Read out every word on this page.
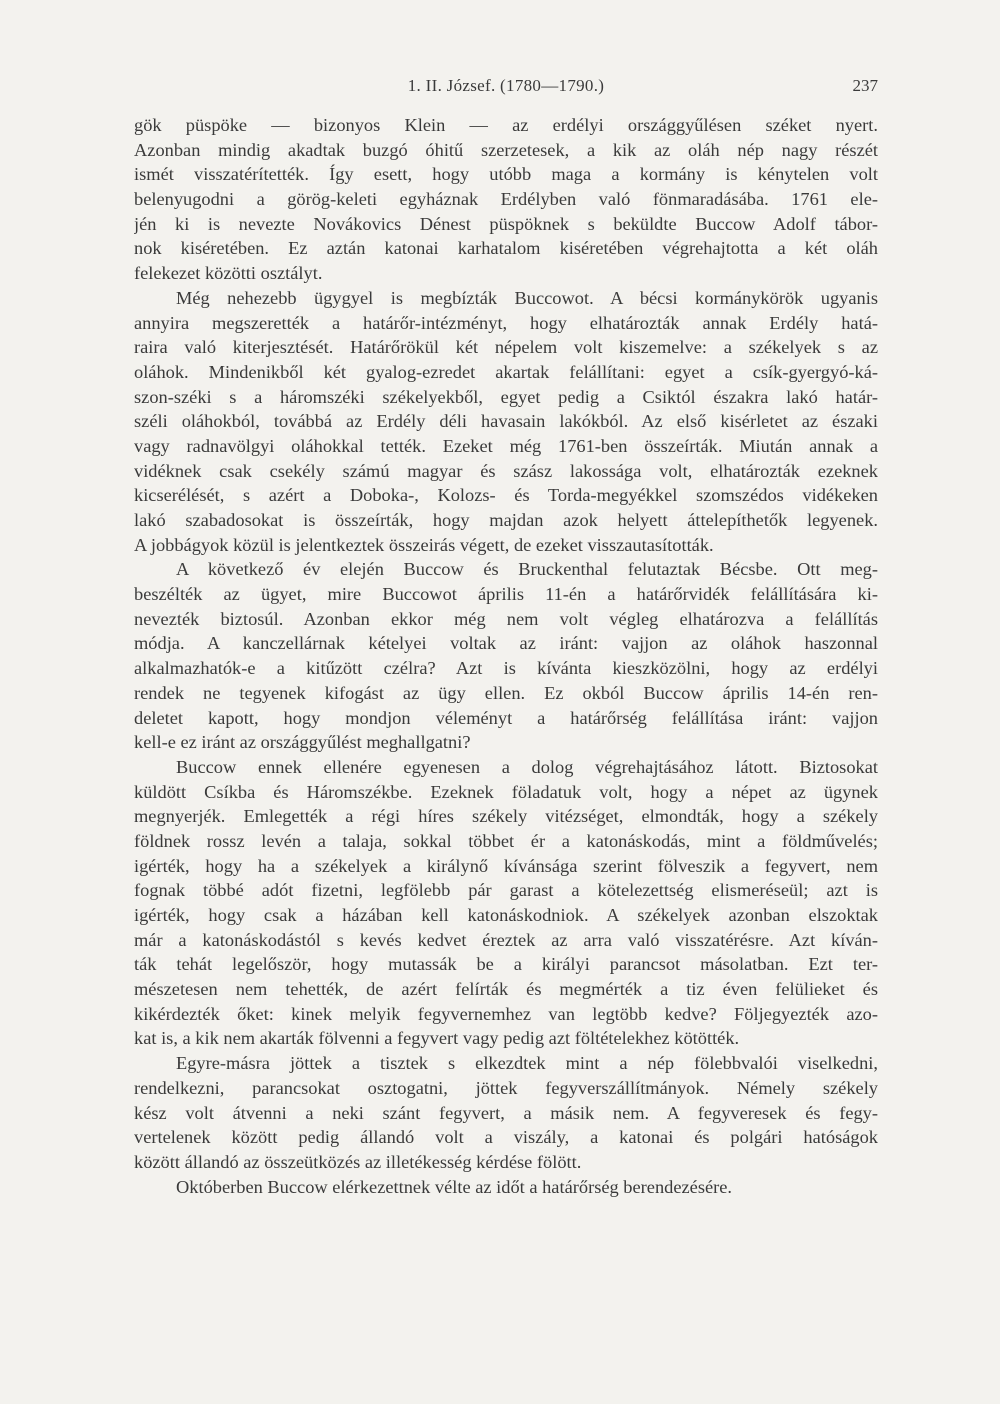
1. II. József. (1780—1790.)	237
gök püspöke — bizonyos Klein — az erdélyi országgyűlésen széket nyert.
Azonban mindig akadtak buzgó óhitű szerzetesek, a kik az oláh nép nagy részét
ismét visszatérítették. Így esett, hogy utóbb maga a kormány is kénytelen volt
belenyugodni a görög-keleti egyháznak Erdélyben való fönmaradásába. 1761 ele-
jén ki is nevezte Novákovics Dénest püspöknek s beküldte Buccow Adolf tábor-
nok kiséretében. Ez aztán katonai karhatalom kiséretében végrehajtotta a két oláh
felekezet közötti osztályt.
Még nehezebb ügygyel is megbízták Buccowot. A bécsi kormánykörök ugyanis
annyira megszerették a határőr-intézményt, hogy elhatározták annak Erdély hatá-
raira való kiterjesztését. Határőrökül két népelem volt kiszemelve: a székelyek s az
oláhok. Mindenikből két gyalog-ezredet akartak felállítani: egyet a csík-gyergyó-ká-
szon-széki s a háromszéki székelyekből, egyet pedig a Csiktól északra lakó határ-
széli oláhokból, továbbá az Erdély déli havasain lakókból. Az első kisérletet az északi
vagy radnavölgyi oláhokkal tették. Ezeket még 1761-ben összeírták. Miután annak a
vidéknek csak csekély számú magyar és szász lakossága volt, elhatározták ezeknek
kicserélését, s azért a Doboka-, Kolozs- és Torda-megyékkel szomszédos vidékeken
lakó szabadosokat is összeírták, hogy majdan azok helyett áttelepíthetők legyenek.
A jobbágyok közül is jelentkeztek összeirás végett, de ezeket visszautasították.
A következő év elején Buccow és Bruckenthal felutaztak Bécsbe. Ott meg-
beszélték az ügyet, mire Buccowot április 11-én a határőrvidék felállítására ki-
nevezték biztosúl. Azonban ekkor még nem volt végleg elhatározva a felállítás
módja. A kanczellárnak kételyei voltak az iránt: vajjon az oláhok haszonnal
alkalmazhatók-e a kitűzött czélra? Azt is kívánta kieszközölni, hogy az erdélyi
rendek ne tegyenek kifogást az ügy ellen. Ez okból Buccow április 14-én ren-
deletet kapott, hogy mondjon véleményt a határőrség felállítása iránt: vajjon
kell-e ez iránt az országgyűlést meghallgatni?
Buccow ennek ellenére egyenesen a dolog végrehajtásához látott. Biztosokat
küldött Csíkba és Háromszékbe. Ezeknek föladatuk volt, hogy a népet az ügynek
megnyerjék. Emlegették a régi híres székely vitézséget, elmondták, hogy a székely
földnek rossz levén a talaja, sokkal többet ér a katonáskodás, mint a földművelés;
igérték, hogy ha a székelyek a királynő kívánsága szerint fölveszik a fegyvert, nem
fognak többé adót fizetni, legfölebb pár garast a kötelezettség elismeréseül; azt is
igérték, hogy csak a házában kell katonáskodniok. A székelyek azonban elszoktak
már a katonáskodástól s kevés kedvet éreztek az arra való visszatérésre. Azt kíván-
ták tehát legelőször, hogy mutassák be a királyi parancsot másolatban. Ezt ter-
mészetesen nem tehették, de azért felírták és megmérték a tiz éven felülieket és
kikérdezték őket: kinek melyik fegyvernemhez van legtöbb kedve? Följegyezték azo-
kat is, a kik nem akarták fölvenni a fegyvert vagy pedig azt föltételekhez kötötték.
Egyre-másra jöttek a tisztek s elkezdtek mint a nép fölebbvalói viselkedni,
rendelkezni, parancsokat osztogatni, jöttek fegyverszállítmányok. Némely székely
kész volt átvenni a neki szánt fegyvert, a másik nem. A fegyveresek és fegy-
vertelenek között pedig állandó volt a viszály, a katonai és polgári hatóságok
között állandó az összeütközés az illetékesség kérdése fölött.
Októberben Buccow elérkezettnek vélte az időt a határőrség berendezésére.
